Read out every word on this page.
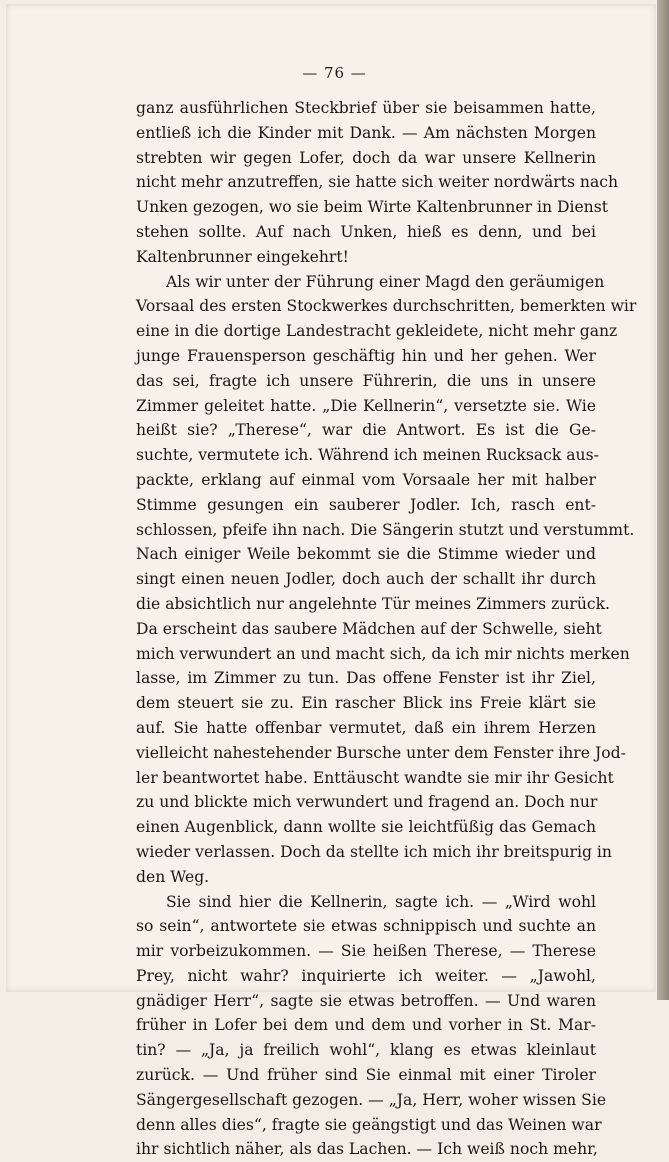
— 76 —
ganz ausführlichen Steckbrief über sie beisammen hatte,
entließ ich die Kinder mit Dank. — Am nächsten Morgen
strebten wir gegen Lofer, doch da war unsere Kellnerin
nicht mehr anzutreffen, sie hatte sich weiter nordwärts nach
Unken gezogen, wo sie beim Wirte Kaltenbrunner in Dienst
stehen sollte. Auf nach Unken, hieß es denn, und bei
Kaltenbrunner eingekehrt!
Als wir unter der Führung einer Magd den geräumigen
Vorsaal des ersten Stockwerkes durchschritten, bemerkten wir
eine in die dortige Landestracht gekleidete, nicht mehr ganz
junge Frauensperson geschäftig hin und her gehen. Wer
das sei, fragte ich unsere Führerin, die uns in unsere
Zimmer geleitet hatte. „Die Kellnerin“, versetzte sie. Wie
heißt sie? „Therese“, war die Antwort. Es ist die Ge-
suchte, vermutete ich. Während ich meinen Rucksack aus-
packte, erklang auf einmal vom Vorsaale her mit halber
Stimme gesungen ein sauberer Jodler. Ich, rasch ent-
schlossen, pfeife ihn nach. Die Sängerin stutzt und verstummt.
Nach einiger Weile bekommt sie die Stimme wieder und
singt einen neuen Jodler, doch auch der schallt ihr durch
die absichtlich nur angelehnte Tür meines Zimmers zurück.
Da erscheint das saubere Mädchen auf der Schwelle, sieht
mich verwundert an und macht sich, da ich mir nichts merken
lasse, im Zimmer zu tun. Das offene Fenster ist ihr Ziel,
dem steuert sie zu. Ein rascher Blick ins Freie klärt sie
auf. Sie hatte offenbar vermutet, daß ein ihrem Herzen
vielleicht nahestehender Bursche unter dem Fenster ihre Jod-
ler beantwortet habe. Enttäuscht wandte sie mir ihr Gesicht
zu und blickte mich verwundert und fragend an. Doch nur
einen Augenblick, dann wollte sie leichtfüßig das Gemach
wieder verlassen. Doch da stellte ich mich ihr breitspurig in
den Weg.
Sie sind hier die Kellnerin, sagte ich. — „Wird wohl
so sein“, antwortete sie etwas schnippisch und suchte an
mir vorbeizukommen. — Sie heißen Therese, — Therese
Prey, nicht wahr? inquirierte ich weiter. — „Jawohl,
gnädiger Herr“, sagte sie etwas betroffen. — Und waren
früher in Lofer bei dem und dem und vorher in St. Mar-
tin? — „Ja, ja freilich wohl“, klang es etwas kleinlaut
zurück. — Und früher sind Sie einmal mit einer Tiroler
Sängergesellschaft gezogen. — „Ja, Herr, woher wissen Sie
denn alles dies“, fragte sie geängstigt und das Weinen war
ihr sichtlich näher, als das Lachen. — Ich weiß noch mehr,
